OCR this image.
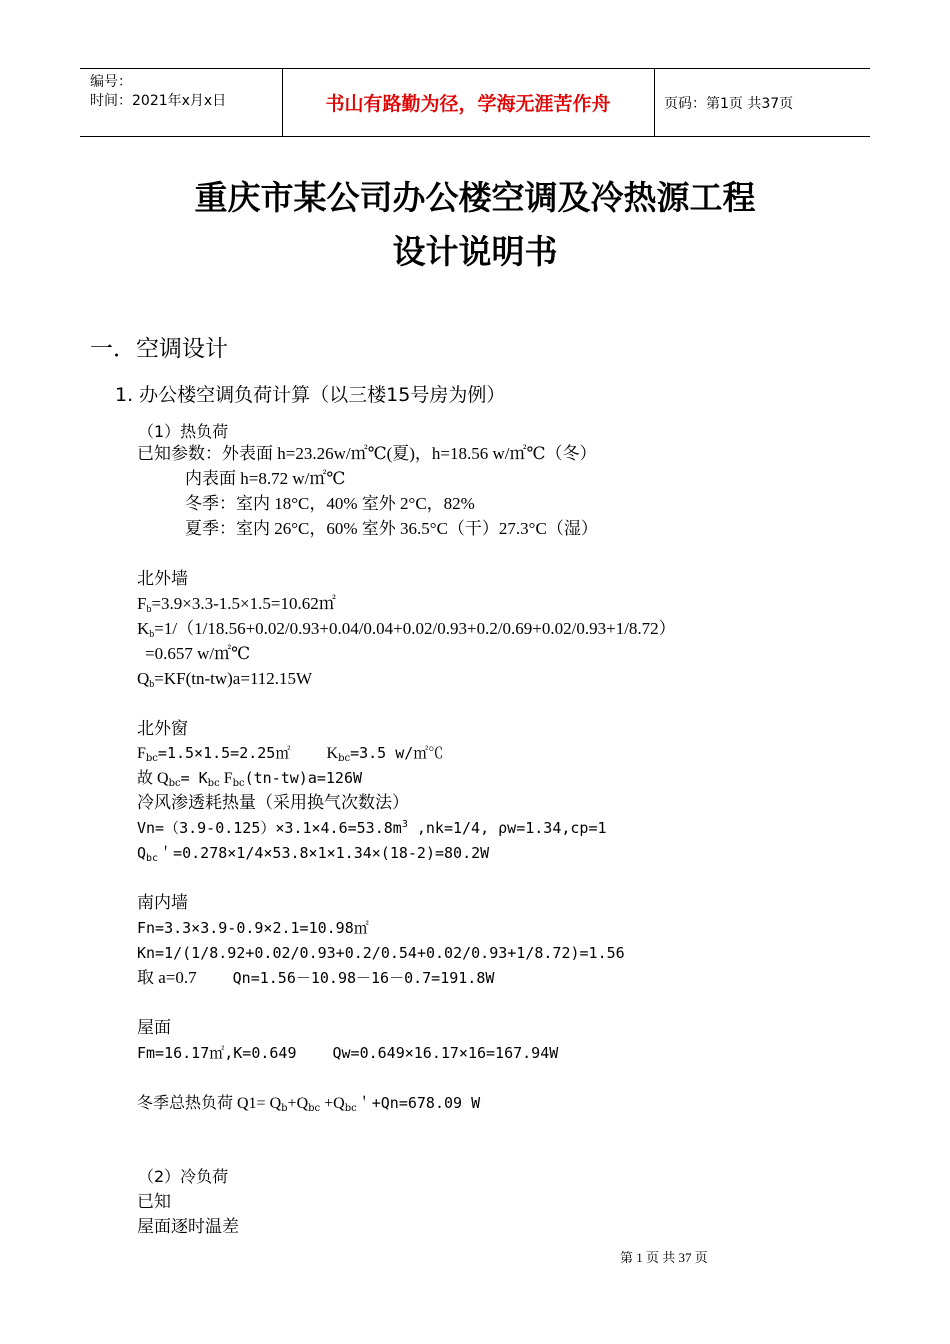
编号：
时间：2021年x月x日	书山有路勤为径，学海无涯苦作舟	页码：第1页 共37页
重庆市某公司办公楼空调及冷热源工程
设计说明书
一．空调设计
1. 办公楼空调负荷计算（以三楼15号房为例）
（1）热负荷
已知参数：外表面 h=23.26w/㎡℃(夏)，h=18.56 w/㎡℃（冬）
内表面 h=8.72 w/㎡℃
冬季：室内 18°C，40% 室外 2°C，82%
夏季：室内 26°C，60% 室外 36.5°C（干）27.3°C（湿）
北外墙
$F_b=3.9\times 3.3-1.5\times 1.5=10.62㎡$
$K_b=1/(1/18.56+0.02/0.93+0.04/0.04+0.02/0.93+0.2/0.69+0.02/0.93+1/8.72)$
=0.657 w/㎡℃
$Q_b=KF(tn-tw)a=112.15W$
北外窗
$F_{bc}=1.5\times 1.5=2.25㎡$ $K_{bc}=3.5$ w/㎡℃
故 $Q_{bc}= K_{bc}$ $F_{bc}(tn-tw)a=126W$
冷风渗透耗热量（采用换气次数法）
$Vn=(3.9-0.125)\times 3.1\times 4.6=53.8m^3$ ,nk=1/4, ρw=1.34,cp=1
$Q_{bc}$＇=0.278×1/4×53.8×1×1.34×(18-2)=80.2W
南内墙
Fn=3.3×3.9-0.9×2.1=10.98㎡
Kn=1/(1/8.92+0.02/0.93+0.2/0.54+0.02/0.93+1/8.72)=1.56
取 a=0.7 Qn=1.56－10.98－16－0.7=191.8W
屋面
Fm=16.17㎡,K=0.649 Qw=0.649×16.17×16=167.94W
冬季总热负荷 $Q1= Q_b+Q_{bc} +Q_{bc}$＇+Qn=678.09 W
（2）冷负荷
已知
屋面逐时温差
第 1 页 共 37 页
